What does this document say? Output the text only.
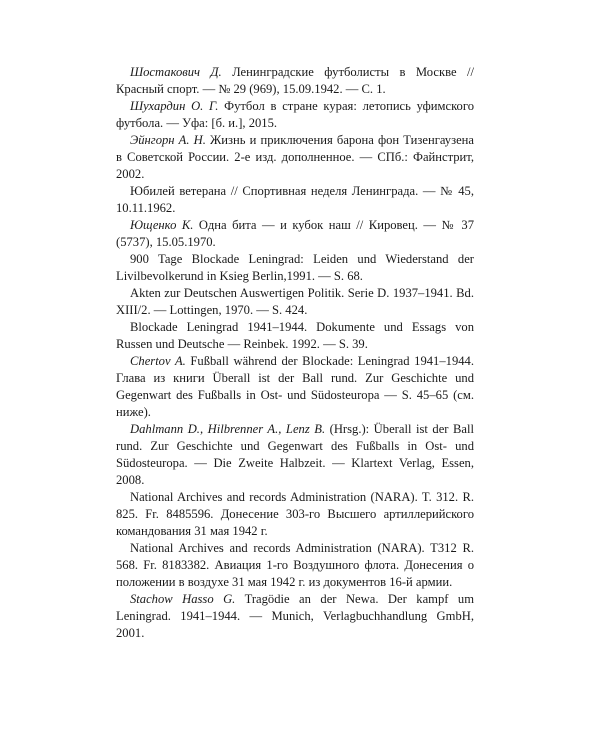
Шостакович Д. Ленинградские футболисты в Москве // Красный спорт. — № 29 (969), 15.09.1942. — С. 1.

Шухардин О. Г. Футбол в стране курая: летопись уфимского футбола. — Уфа: [б. и.], 2015.

Эйнгорн А. Н. Жизнь и приключения барона фон Тизенгаузена в Советской России. 2-е изд. дополненное. — СПб.: Файнстрит, 2002.

Юбилей ветерана // Спортивная неделя Ленинграда. — № 45, 10.11.1962.

Ющенко К. Одна бита — и кубок наш // Кировец. — № 37 (5737), 15.05.1970.

900 Tage Blockade Leningrad: Leiden und Wiederstand der Livilbevolkerund in Ksieg Berlin,1991. — S. 68.

Akten zur Deutschen Auswertigen Politik. Serie D. 1937–1941. Bd. XIII/2. — Lottingen, 1970. — S. 424.

Blockade Leningrad 1941–1944. Dokumente und Essags von Russen und Deutsche — Reinbek. 1992. — S. 39.

Chertov A. Fußball während der Blockade: Leningrad 1941–1944. Глава из книги Überall ist der Ball rund. Zur Geschichte und Gegenwart des Fußballs in Ost- und Südosteuropa — S. 45–65 (см. ниже).

Dahlmann D., Hilbrenner A., Lenz B. (Hrsg.): Überall ist der Ball rund. Zur Geschichte und Gegenwart des Fußballs in Ost- und Südosteuropa. — Die Zweite Halbzeit. — Klartext Verlag, Essen, 2008.

National Archives and records Administration (NARA). T. 312. R. 825. Fr. 8485596. Донесение 303-го Высшего артиллерийского командования 31 мая 1942 г.

National Archives and records Administration (NARA). T312 R. 568. Fr. 8183382. Авиация 1-го Воздушного флота. Донесения о положении в воздухе 31 мая 1942 г. из документов 16-й армии.

Stachow Hasso G. Tragödie an der Newa. Der kampf um Leningrad. 1941–1944. — Munich, Verlagbuchhandlung GmbH, 2001.
